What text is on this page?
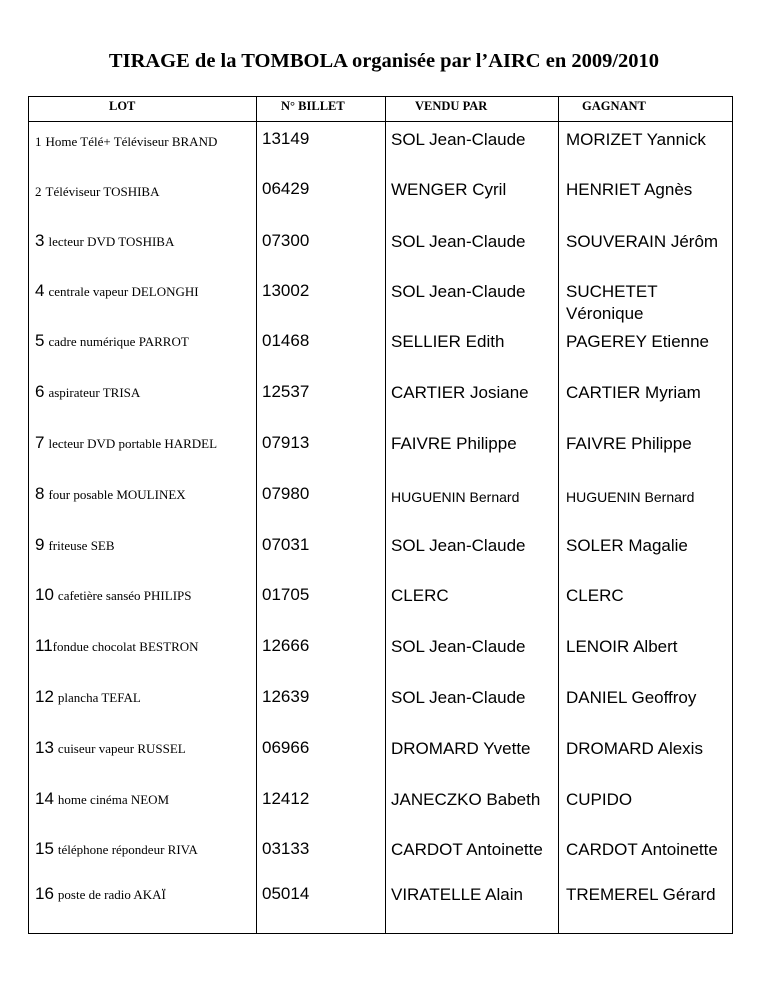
TIRAGE de la TOMBOLA organisée par l’AIRC en 2009/2010
LOT	N° BILLET	VENDU PAR	GAGNANT
1 Home Télé+ Téléviseur BRAND	13149	SOL Jean-Claude	MORIZET Yannick
2 Téléviseur TOSHIBA	06429	WENGER Cyril	HENRIET Agnès
3 lecteur DVD TOSHIBA	07300	SOL Jean-Claude	SOUVERAIN Jérôm
4 centrale vapeur DELONGHI	13002	SOL Jean-Claude	SUCHETET Véronique
5 cadre numérique PARROT	01468	SELLIER Edith	PAGEREY Etienne
6 aspirateur TRISA	12537	CARTIER Josiane	CARTIER Myriam
7 lecteur DVD portable HARDEL	07913	FAIVRE Philippe	FAIVRE Philippe
8 four posable MOULINEX	07980	HUGUENIN Bernard	HUGUENIN Bernard
9 friteuse SEB	07031	SOL Jean-Claude	SOLER Magalie
10 cafetière sanséo PHILIPS	01705	CLERC	CLERC
11fondue chocolat BESTRON	12666	SOL Jean-Claude	LENOIR Albert
12 plancha TEFAL	12639	SOL Jean-Claude	DANIEL Geoffroy
13 cuiseur vapeur RUSSEL	06966	DROMARD Yvette	DROMARD Alexis
14 home cinéma NEOM	12412	JANECZKO Babeth	CUPIDO
15 téléphone répondeur RIVA	03133	CARDOT Antoinette	CARDOT Antoinette
16 poste de radio AKAÏ	05014	VIRATELLE Alain	TREMEREL Gérard
